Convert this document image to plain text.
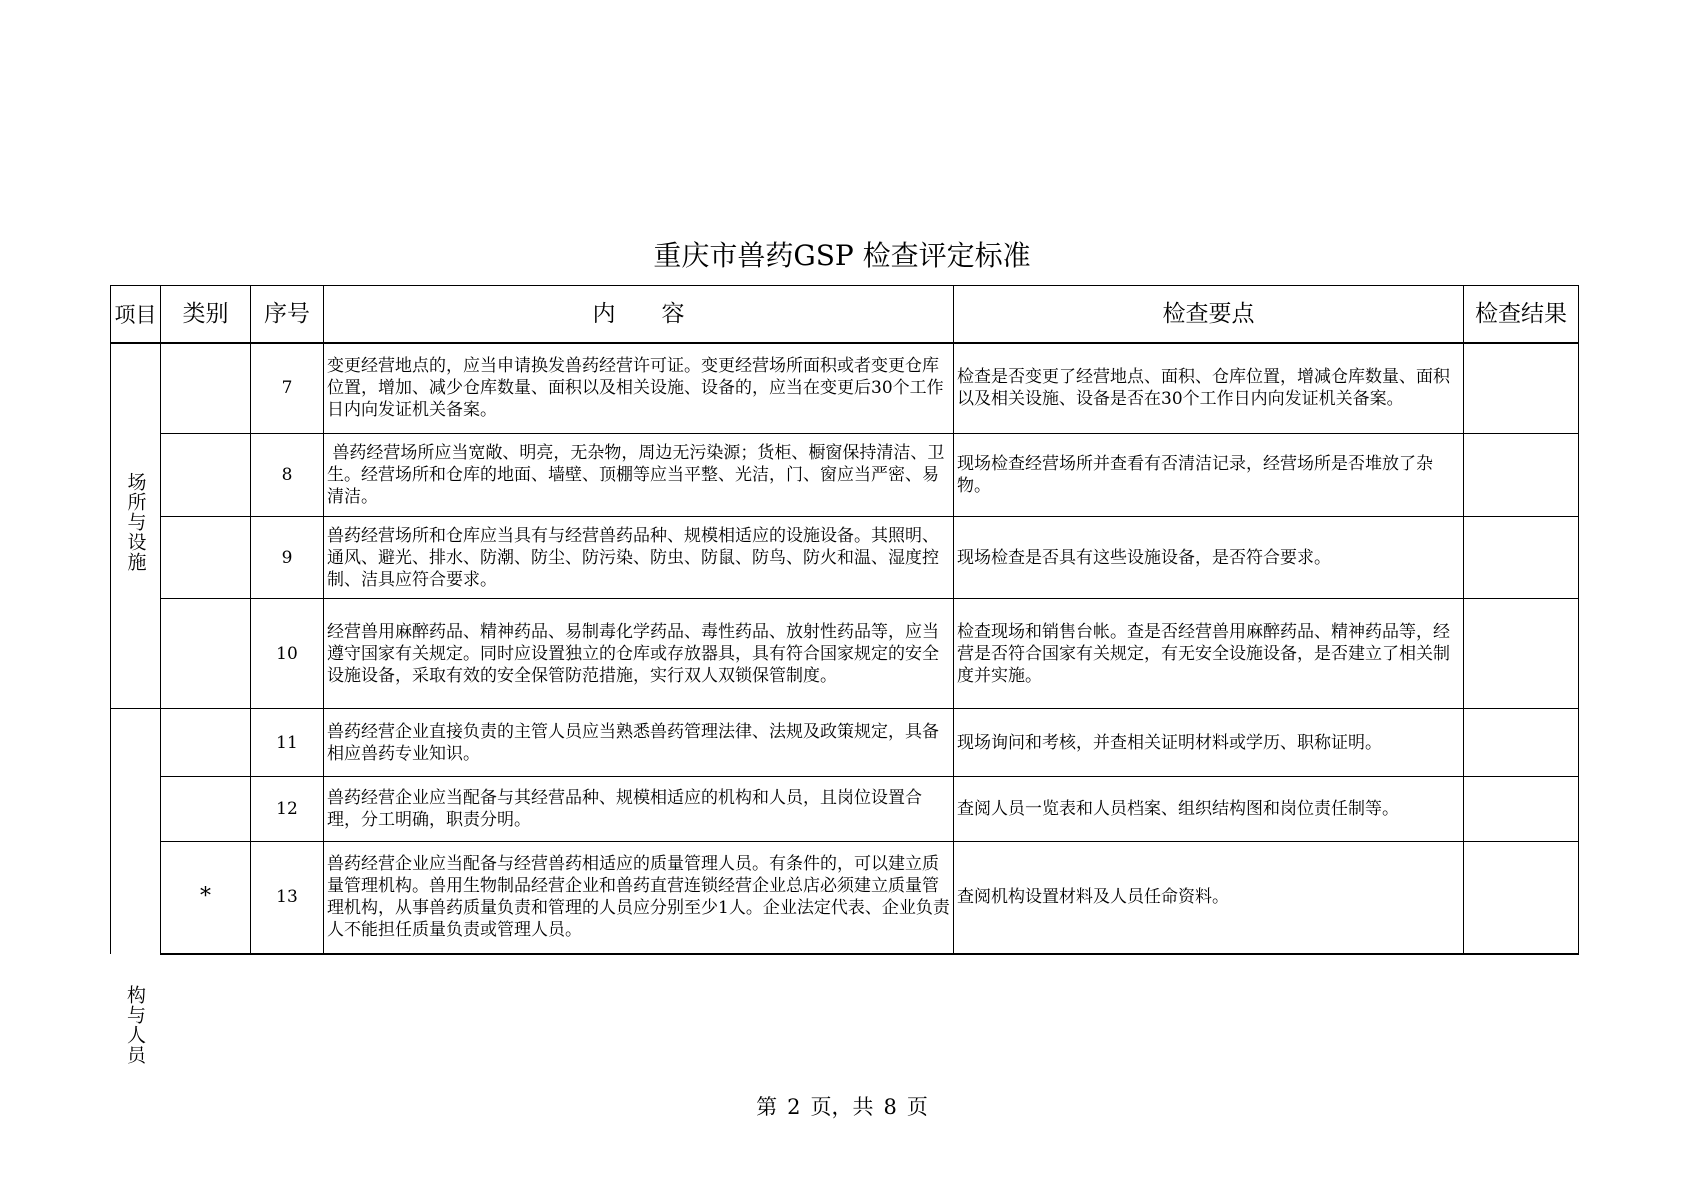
重庆市兽药GSP 检查评定标准
项目	类别	序号	内　　容	检查要点	检查结果
场所与设施		7	变更经营地点的，应当申请换发兽药经营许可证。变更经营场所面积或者变更仓库位置，增加、减少仓库数量、面积以及相关设施、设备的，应当在变更后30个工作日内向发证机关备案。	检查是否变更了经营地点、面积、仓库位置，增减仓库数量、面积以及相关设施、设备是否在30个工作日内向发证机关备案。	
		8	兽药经营场所应当宽敞、明亮，无杂物，周边无污染源；货柜、橱窗保持清洁、卫生。经营场所和仓库的地面、墙壁、顶棚等应当平整、光洁，门、窗应当严密、易清洁。	现场检查经营场所并查看有否清洁记录，经营场所是否堆放了杂物。	
		9	兽药经营场所和仓库应当具有与经营兽药品种、规模相适应的设施设备。其照明、通风、避光、排水、防潮、防尘、防污染、防虫、防鼠、防鸟、防火和温、湿度控制、洁具应符合要求。	现场检查是否具有这些设施设备，是否符合要求。	
		10	经营兽用麻醉药品、精神药品、易制毒化学药品、毒性药品、放射性药品等，应当遵守国家有关规定。同时应设置独立的仓库或存放器具，具有符合国家规定的安全设施设备，采取有效的安全保管防范措施，实行双人双锁保管制度。	检查现场和销售台帐。查是否经营兽用麻醉药品、精神药品等，经营是否符合国家有关规定，有无安全设施设备，是否建立了相关制度并实施。	
		11	兽药经营企业直接负责的主管人员应当熟悉兽药管理法律、法规及政策规定，具备相应兽药专业知识。	现场询问和考核，并查相关证明材料或学历、职称证明。	
		12	兽药经营企业应当配备与其经营品种、规模相适应的机构和人员，且岗位设置合理，分工明确，职责分明。	查阅人员一览表和人员档案、组织结构图和岗位责任制等。	
	*	13	兽药经营企业应当配备与经营兽药相适应的质量管理人员。有条件的，可以建立质量管理机构。兽用生物制品经营企业和兽药直营连锁经营企业总店必须建立质量管理机构，从事兽药质量负责和管理的人员应分别至少1人。企业法定代表、企业负责人不能担任质量负责或管理人员。	查阅机构设置材料及人员任命资料。	
构与人员
第 2 页，共 8 页
